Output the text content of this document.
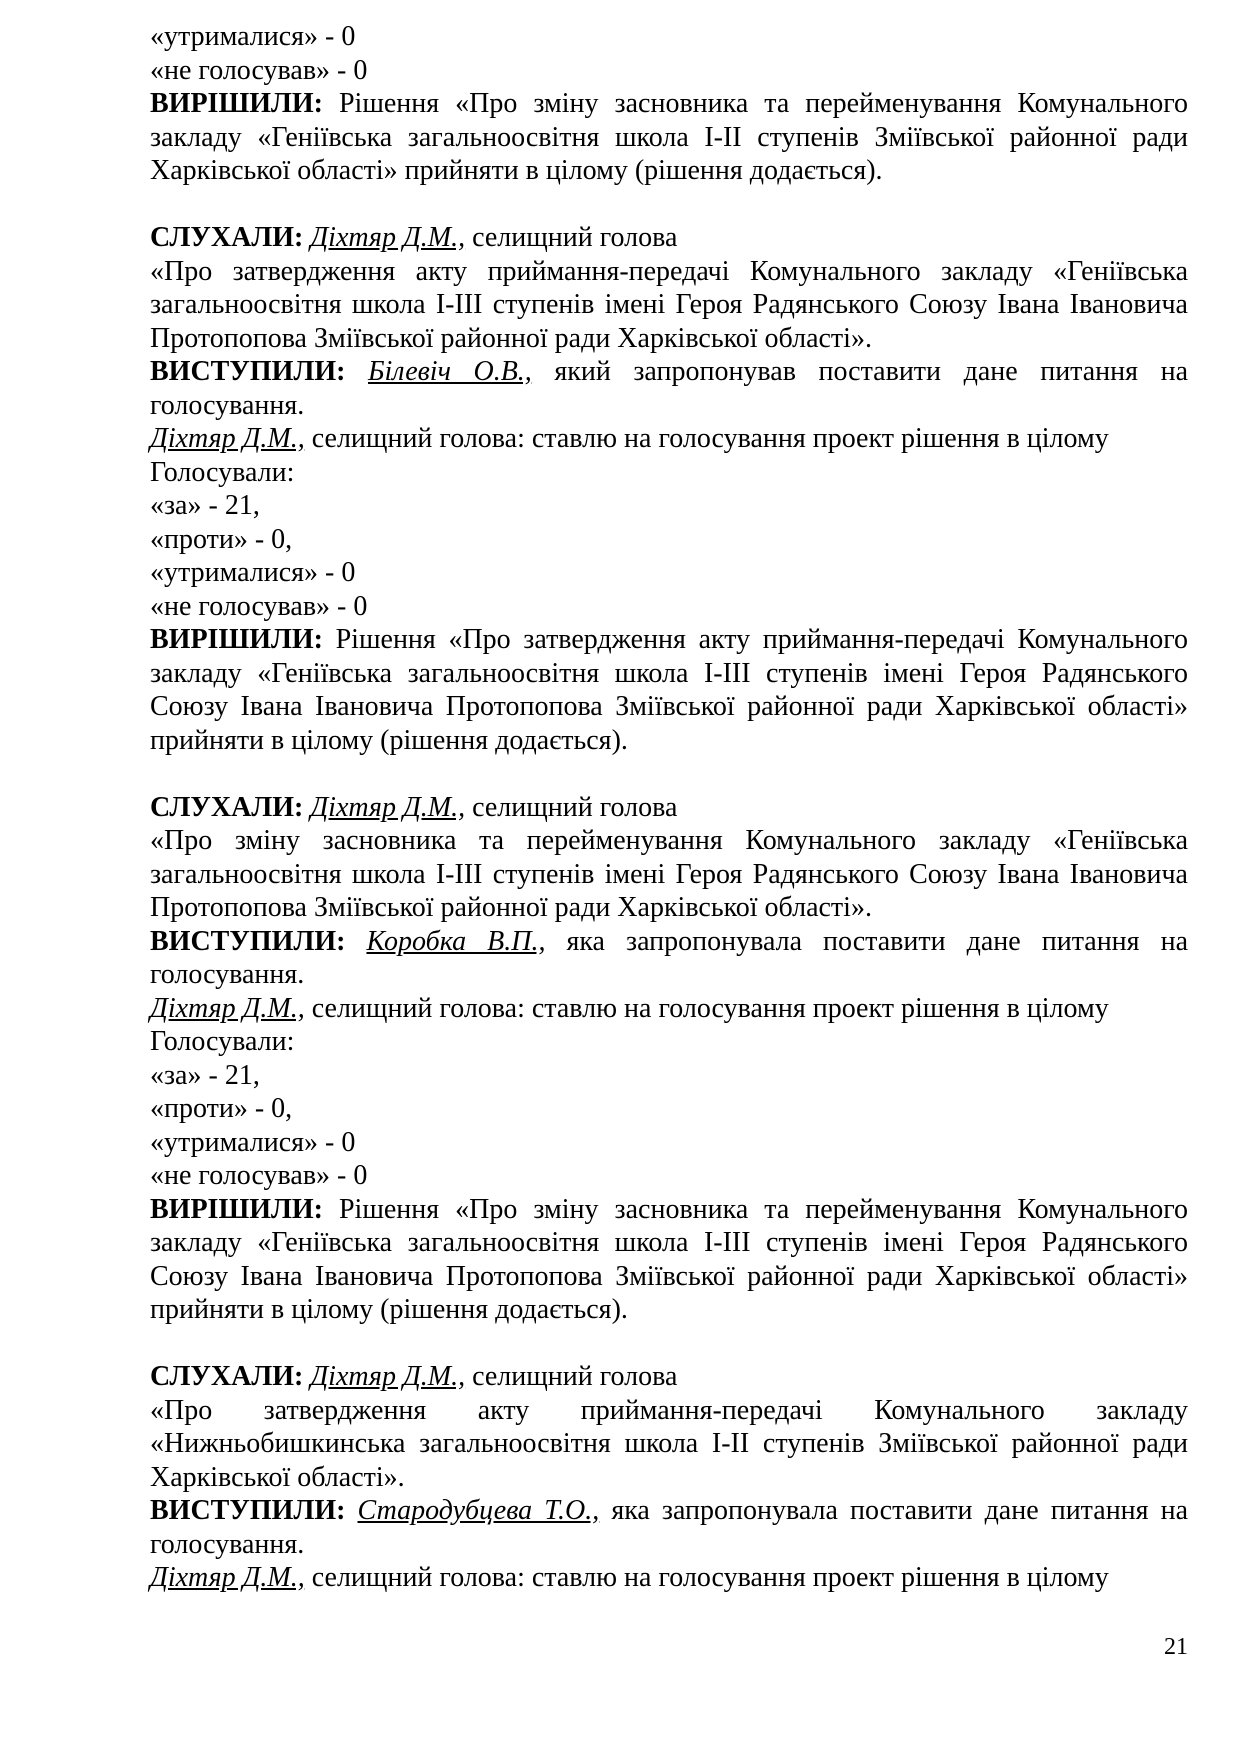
«утрималися» - 0

«не голосував» - 0

ВИРІШИЛИ: Рішення «Про зміну засновника та перейменування Комунального закладу «Геніївська загальноосвітня школа І-ІІ ступенів Зміївської районної ради Харківської області» прийняти в цілому (рішення додається).

СЛУХАЛИ: Діхтяр Д.М., селищний голова

«Про затвердження акту приймання-передачі Комунального закладу «Геніївська загальноосвітня школа І-ІІІ ступенів імені Героя Радянського Союзу Івана Івановича Протопопова Зміївської районної ради Харківської області».

ВИСТУПИЛИ: Білевіч О.В., який запропонував поставити дане питання на голосування.

Діхтяр Д.М., селищний голова: ставлю на голосування проект рішення в цілому

Голосували:

«за» - 21,

«проти» - 0,

«утрималися» - 0

«не голосував» - 0

ВИРІШИЛИ: Рішення «Про затвердження акту приймання-передачі Комунального закладу «Геніївська загальноосвітня школа І-ІІІ ступенів імені Героя Радянського Союзу Івана Івановича Протопопова Зміївської районної ради Харківської області» прийняти в цілому (рішення додається).

СЛУХАЛИ: Діхтяр Д.М., селищний голова

«Про зміну засновника та перейменування Комунального закладу «Геніївська загальноосвітня школа І-ІІІ ступенів імені Героя Радянського Союзу Івана Івановича Протопопова Зміївської районної ради Харківської області».

ВИСТУПИЛИ: Коробка В.П., яка запропонувала поставити дане питання на голосування.

Діхтяр Д.М., селищний голова: ставлю на голосування проект рішення в цілому

Голосували:

«за» - 21,

«проти» - 0,

«утрималися» - 0

«не голосував» - 0

ВИРІШИЛИ: Рішення «Про зміну засновника та перейменування Комунального закладу «Геніївська загальноосвітня школа І-ІІІ ступенів імені Героя Радянського Союзу Івана Івановича Протопопова Зміївської районної ради Харківської області» прийняти в цілому (рішення додається).

СЛУХАЛИ: Діхтяр Д.М., селищний голова

«Про затвердження акту приймання-передачі Комунального закладу «Нижньобишкинська загальноосвітня школа І-ІІ ступенів Зміївської районної ради Харківської області».

ВИСТУПИЛИ: Стародубцева Т.О., яка запропонувала поставити дане питання на голосування.

Діхтяр Д.М., селищний голова: ставлю на голосування проект рішення в цілому

21
